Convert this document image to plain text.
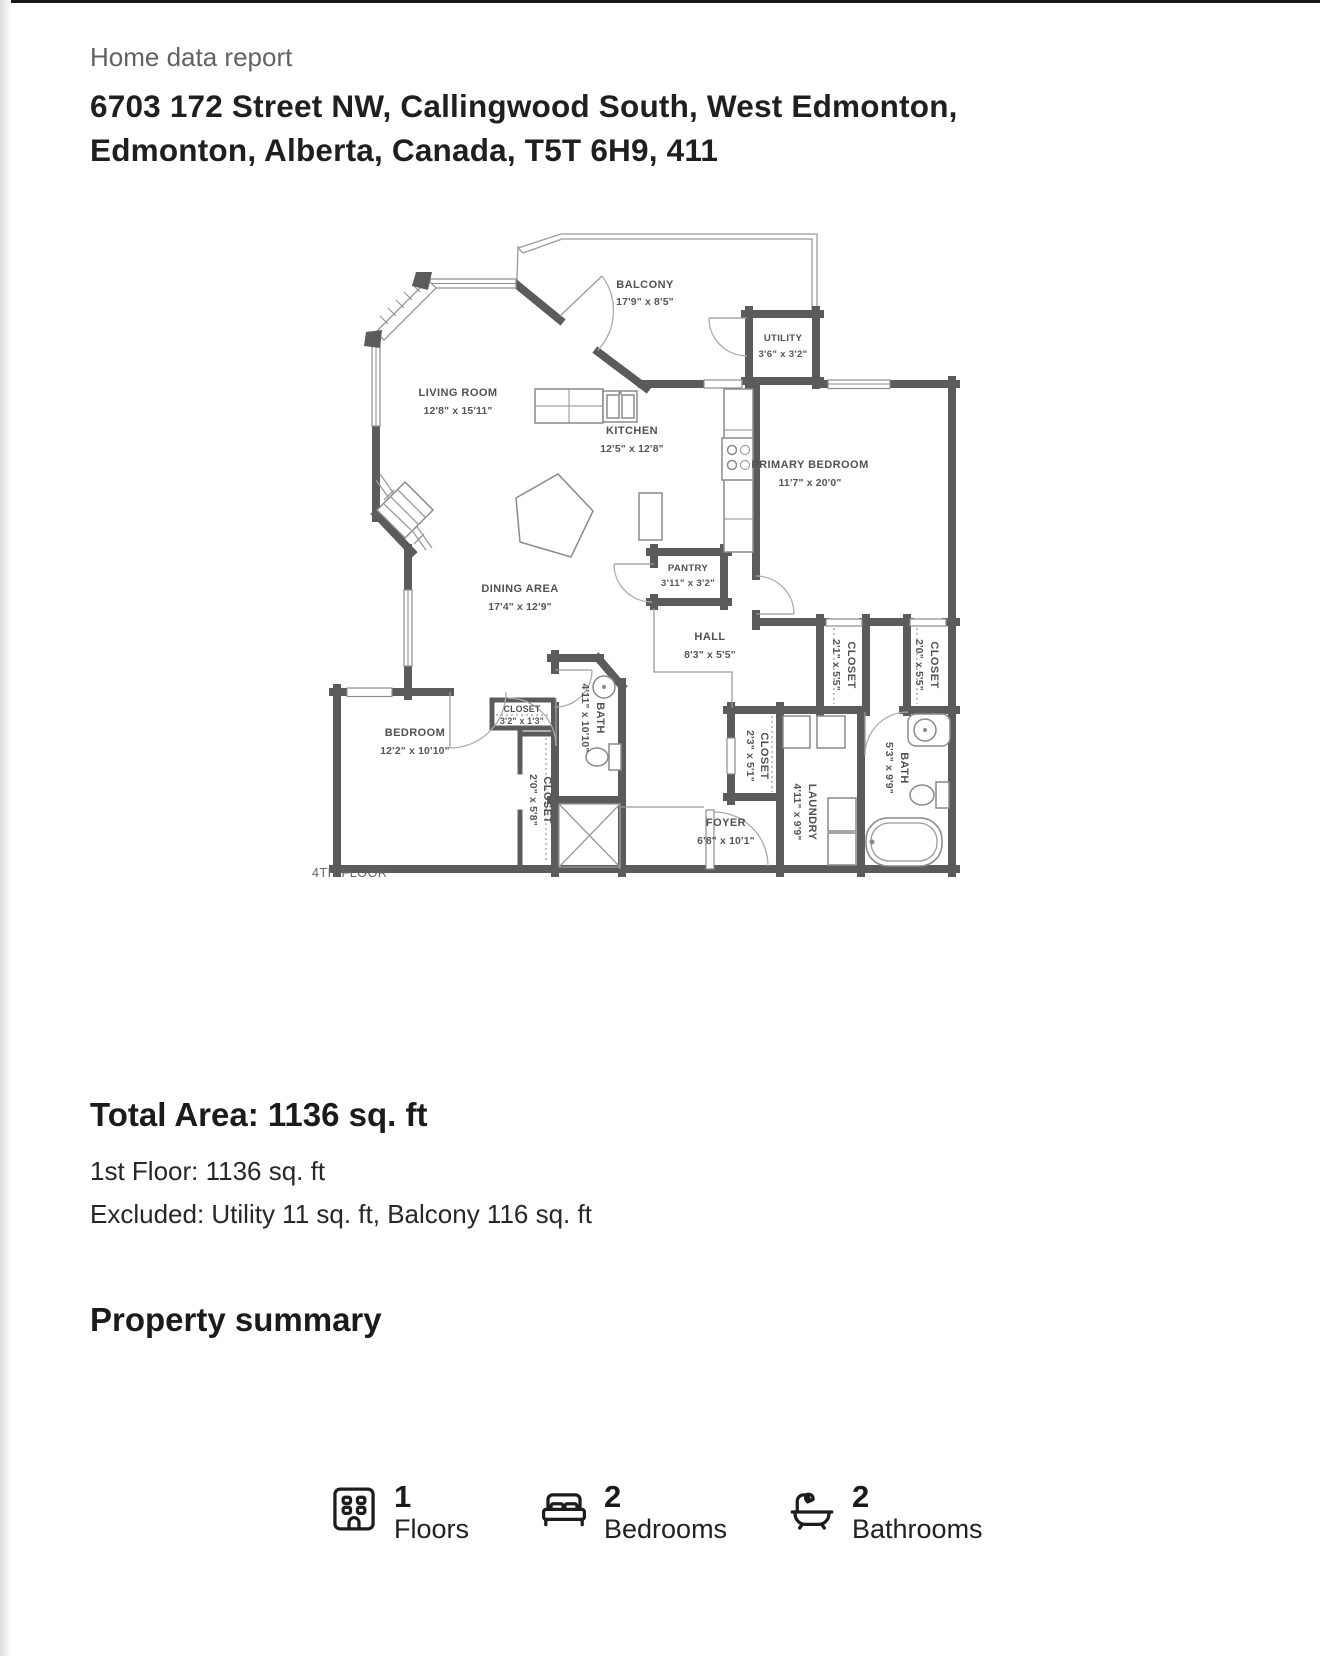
Home data report
6703 172 Street NW, Callingwood South, West Edmonton, Edmonton, Alberta, Canada, T5T 6H9, 411
BALCONY
17'9" x 8'5"
UTILITY
3'6" x 3'2"
LIVING ROOM
12'8" x 15'11"
KITCHEN
12'5" x 12'8"
PRIMARY BEDROOM
11'7" x 20'0"
PANTRY
3'11" x 3'2"
DINING AREA
17'4" x 12'9"
HALL
8'3" x 5'5"	2'1" x 5'5" CLOSET	2'0" x 5'5" CLOSET
BEDROOM
12'2" x 10'10"
CLOSET
3'2" x 1'3"	4'11" x 10'10" BATH
2'0" x 5'8" CLOSET
2'3" x 5'1" CLOSET
4'11" x 9'9" LAUNDRY
5'3" x 9'9" BATH
FOYER
6'8" x 10'1"
4TH FLOOR
Total Area: 1136 sq. ft
1st Floor: 1136 sq. ft
Excluded: Utility 11 sq. ft, Balcony 116 sq. ft
Property summary
1
Floors
2
Bedrooms
2
Bathrooms
